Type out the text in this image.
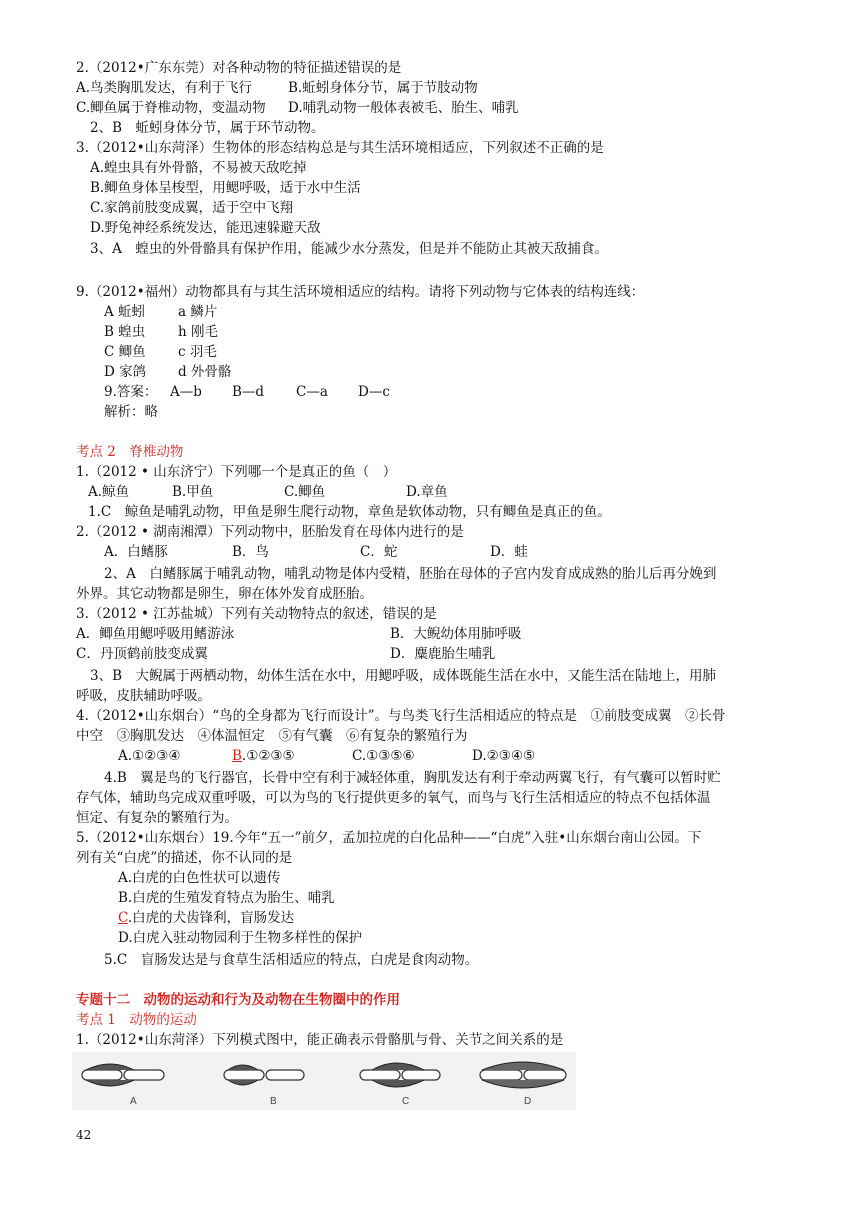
2.（2012•广东东莞）对各种动物的特征描述错误的是
A.鸟类胸肌发达，有利于飞行	B.蚯蚓身体分节，属于节肢动物
C.鲫鱼属于脊椎动物，变温动物 D.哺乳动物一般体表被毛、胎生、哺乳
2、B　蚯蚓身体分节，属于环节动物。
3.（2012•山东菏泽）生物体的形态结构总是与其生活环境相适应，下列叙述不正确的是
A.蝗虫具有外骨骼，不易被天敌吃掉
B.鲫鱼身体呈梭型，用鳃呼吸，适于水中生活
C.家鸽前肢变成翼，适于空中飞翔
D.野兔神经系统发达，能迅速躲避天敌
3、A　蝗虫的外骨骼具有保护作用，能减少水分蒸发，但是并不能防止其被天敌捕食。
9.（2012•福州）动物都具有与其生活环境相适应的结构。请将下列动物与它体表的结构连线：
A 蚯蚓 a 鳞片
B 蝗虫 h 刚毛
C 鲫鱼 c 羽毛
D 家鸽 d 外骨骼
9.答案： A—b B—d C—a D—c
解析：略
考点 2　脊椎动物
1.（2012 • 山东济宁）下列哪一个是真正的鱼（　）
A.鲸鱼	B.甲鱼	C.鲫鱼	D.章鱼
1.C　鲸鱼是哺乳动物，甲鱼是卵生爬行动物，章鱼是软体动物，只有鲫鱼是真正的鱼。
2.（2012 • 湖南湘潭）下列动物中，胚胎发育在母体内进行的是
A．白鳍豚	B．鸟	C．蛇	D．蛙
2、A　白鳍豚属于哺乳动物，哺乳动物是体内受精，胚胎在母体的子宫内发育成成熟的胎儿后再分娩到
外界。其它动物都是卵生，卵在体外发育成胚胎。
3.（2012 • 江苏盐城）下列有关动物特点的叙述，错误的是
A．鲫鱼用鳃呼吸用鳍游泳	B．大鲵幼体用肺呼吸
C．丹顶鹤前肢变成翼	D．麋鹿胎生哺乳
3、B　大鲵属于两栖动物，幼体生活在水中，用鳃呼吸，成体既能生活在水中，又能生活在陆地上，用肺
呼吸，皮肤辅助呼吸。
4.（2012•山东烟台）“鸟的全身都为飞行而设计”。与鸟类飞行生活相适应的特点是　①前肢变成翼　②长骨
中空　③胸肌发达　④体温恒定　⑤有气囊　⑥有复杂的繁殖行为
A.①②③④	B.①②③⑤	C.①③⑤⑥	D.②③④⑤
4.B　翼是鸟的飞行器官，长骨中空有利于减轻体重，胸肌发达有利于牵动两翼飞行，有气囊可以暂时贮
存气体，辅助鸟完成双重呼吸，可以为鸟的飞行提供更多的氧气，而鸟与飞行生活相适应的特点不包括体温
恒定、有复杂的繁殖行为。
5.（2012•山东烟台）19.今年“五一”前夕，孟加拉虎的白化品种——“白虎”入驻•山东烟台南山公园。下
列有关“白虎”的描述，你不认同的是
A.白虎的白色性状可以遗传
B.白虎的生殖发育特点为胎生、哺乳
C.白虎的犬齿锋利，盲肠发达
D.白虎入驻动物园利于生物多样性的保护
5.C　盲肠发达是与食草生活相适应的特点，白虎是食肉动物。
专题十二　动物的运动和行为及动物在生物圈中的作用
考点 1　动物的运动
1.（2012•山东菏泽）下列模式图中，能正确表示骨骼肌与骨、关节之间关系的是
A	B	C	D
42
